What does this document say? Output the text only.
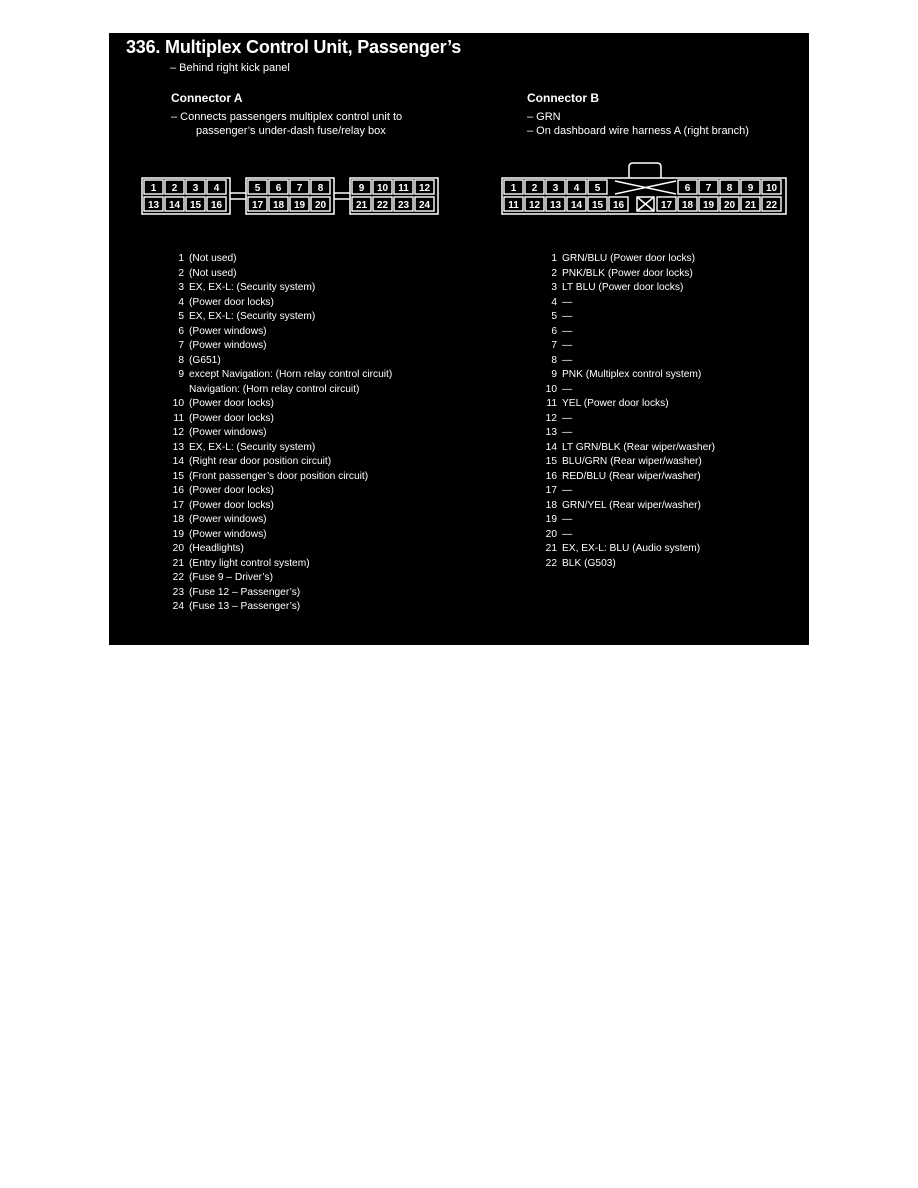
336. Multiplex Control Unit, Passenger’s
– Behind right kick panel
Connector A
– Connects passengers multiplex control unit to
passenger’s under-dash fuse/relay box
Connector B
– GRN
– On dashboard wire harness A (right branch)
1 2 3 4	5 6 7 8	9 10 11 12
13 14 15 16	17 18 19 20	21 22 23 24
1 2 3 4 5	6 7 8 9 10
11 12 13 14 15 16	17 18 19 20 21 22
1 (Not used)
2 (Not used)
3 EX, EX-L: (Security system)
4 (Power door locks)
5 EX, EX-L: (Security system)
6 (Power windows)
7 (Power windows)
8 (G651)
9 except Navigation: (Horn relay control circuit)
Navigation: (Horn relay control circuit)
10 (Power door locks)
11 (Power door locks)
12 (Power windows)
13 EX, EX-L: (Security system)
14 (Right rear door position circuit)
15 (Front passenger’s door position circuit)
16 (Power door locks)
17 (Power door locks)
18 (Power windows)
19 (Power windows)
20 (Headlights)
21 (Entry light control system)
22 (Fuse 9 – Driver’s)
23 (Fuse 12 – Passenger’s)
24 (Fuse 13 – Passenger’s)
1 GRN/BLU (Power door locks)
2 PNK/BLK (Power door locks)
3 LT BLU (Power door locks)
4 —
5 —
6 —
7 —
8 —
9 PNK (Multiplex control system)
10 —
11 YEL (Power door locks)
12 —
13 —
14 LT GRN/BLK (Rear wiper/washer)
15 BLU/GRN (Rear wiper/washer)
16 RED/BLU (Rear wiper/washer)
17 —
18 GRN/YEL (Rear wiper/washer)
19 —
20 —
21 EX, EX-L: BLU (Audio system)
22 BLK (G503)
